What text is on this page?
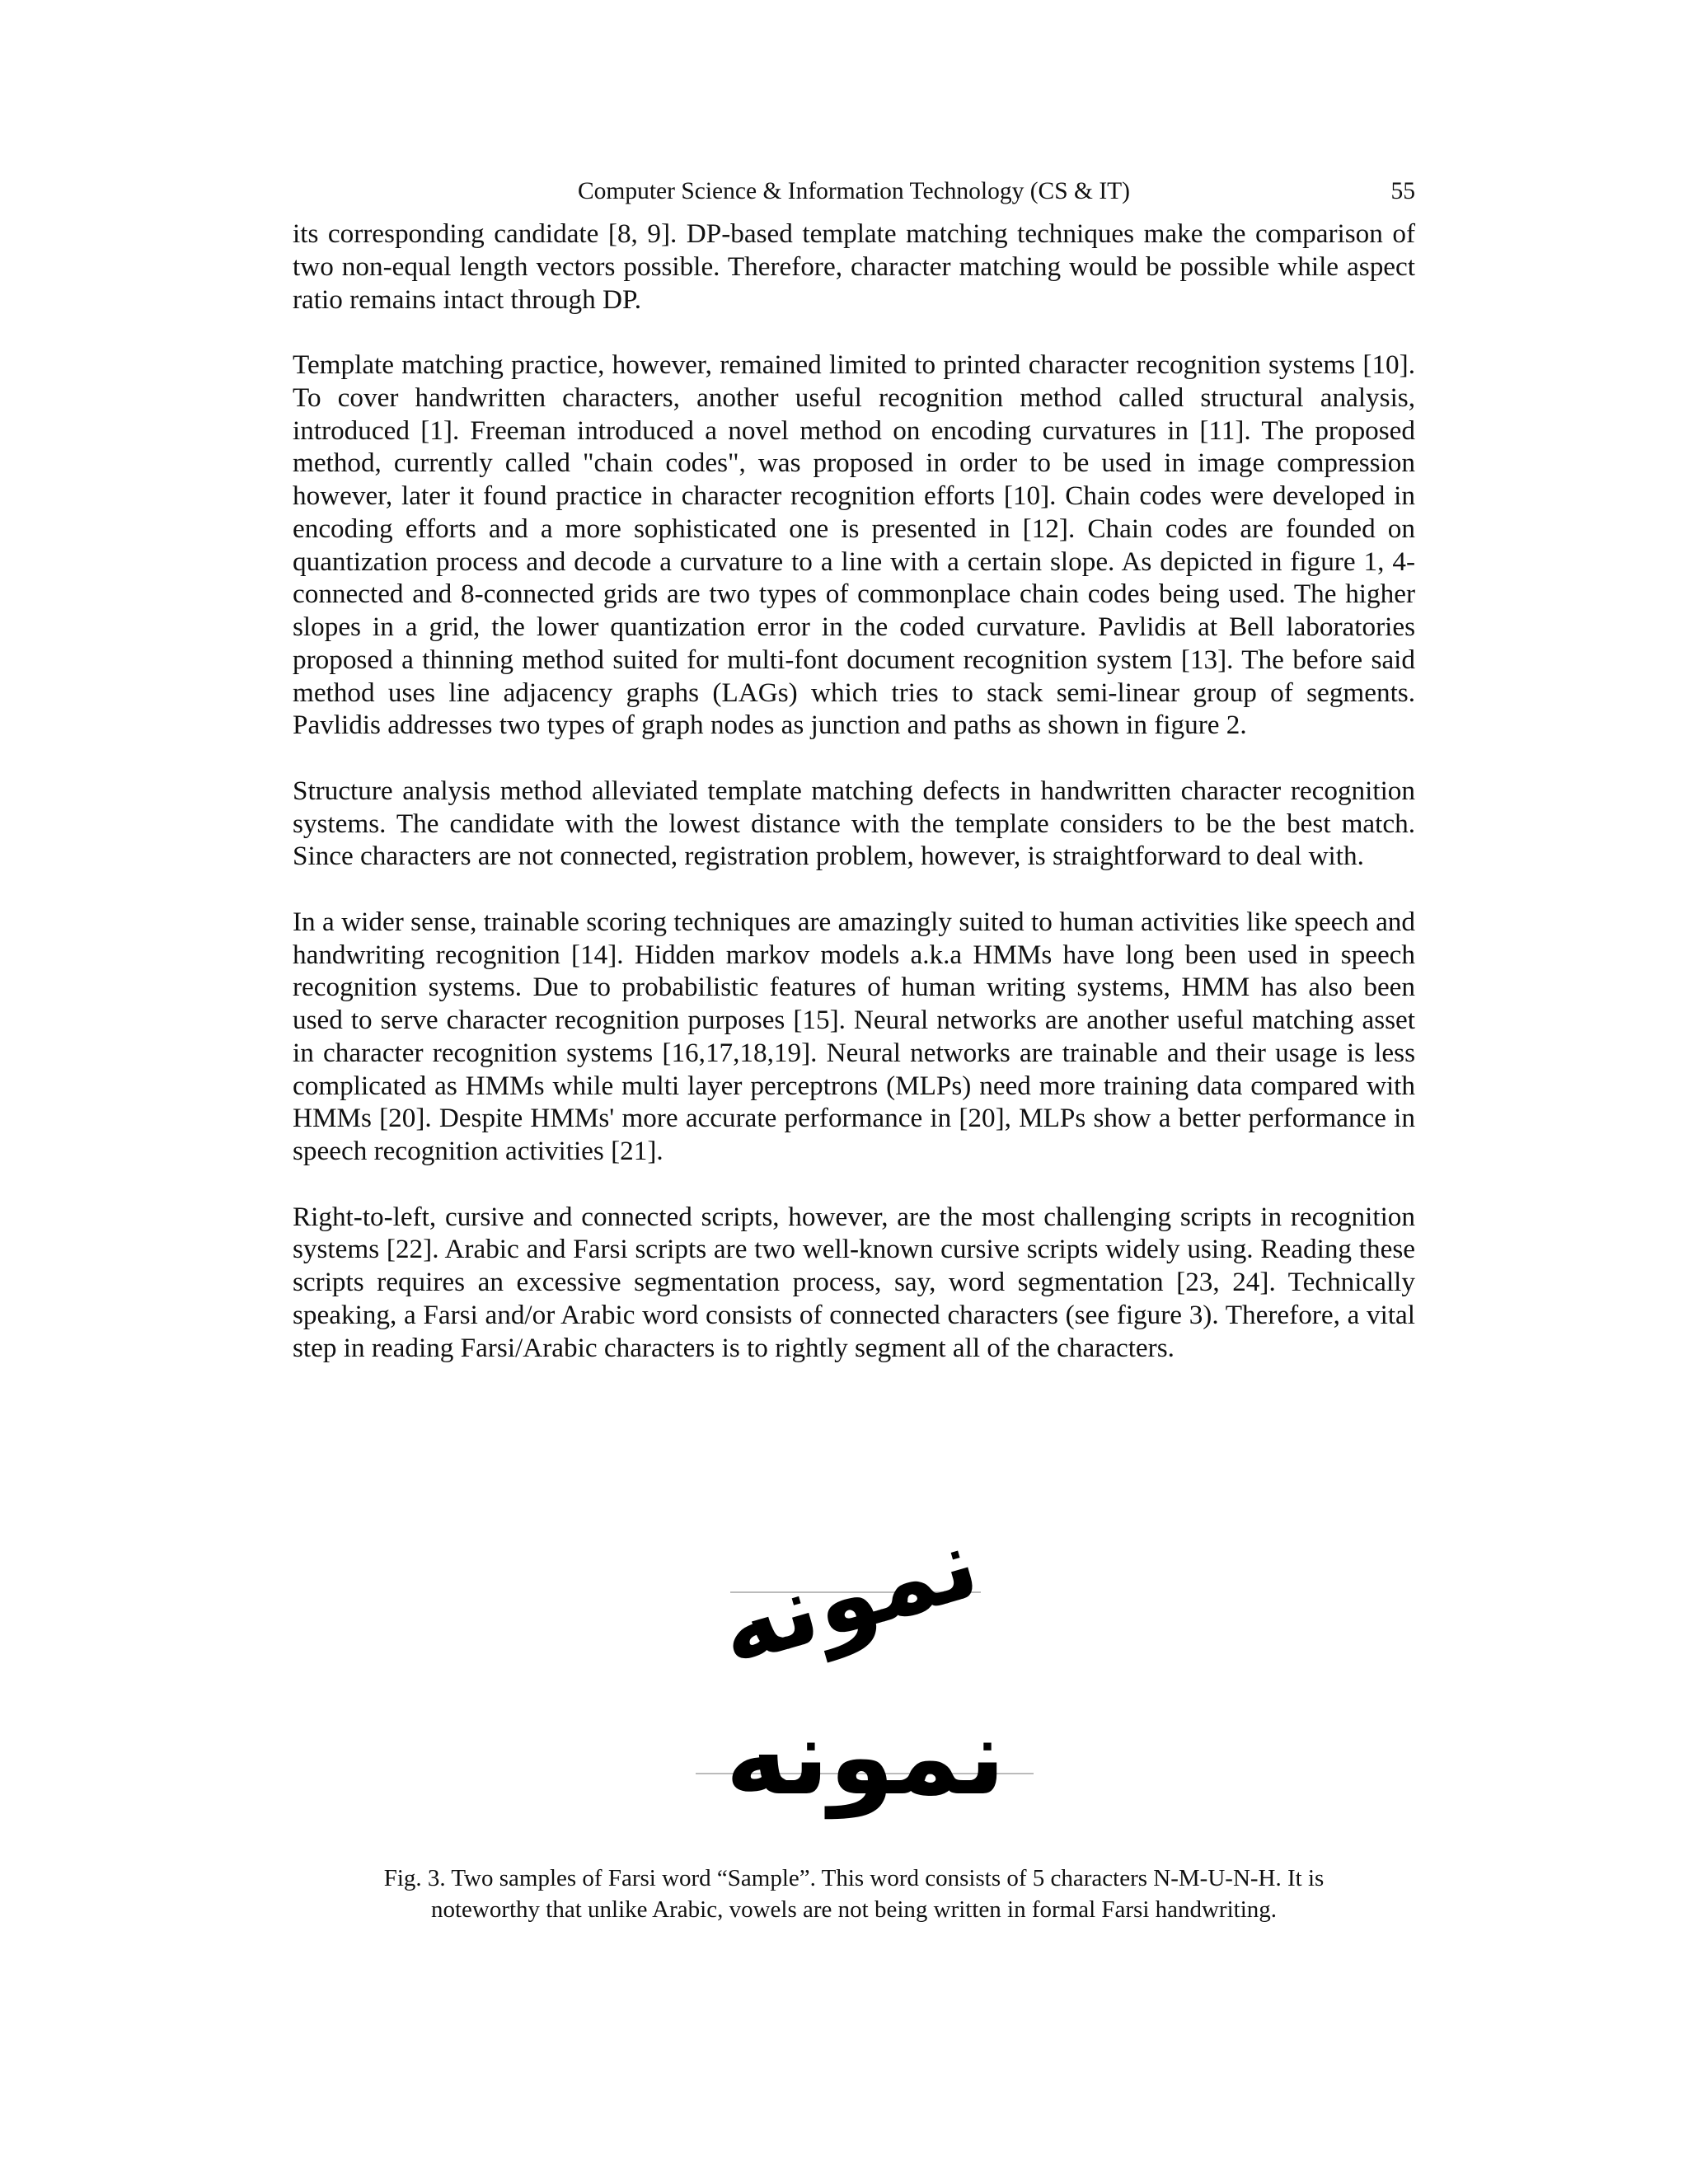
Computer Science & Information Technology (CS & IT)	55

its corresponding candidate [8, 9]. DP-based template matching techniques make the comparison of two non-equal length vectors possible. Therefore, character matching would be possible while aspect ratio remains intact through DP.

Template matching practice, however, remained limited to printed character recognition systems [10]. To cover handwritten characters, another useful recognition method called structural analysis, introduced [1]. Freeman introduced a novel method on encoding curvatures in [11]. The proposed method, currently called "chain codes", was proposed in order to be used in image compression however, later it found practice in character recognition efforts [10]. Chain codes were developed in encoding efforts and a more sophisticated one is presented in [12]. Chain codes are founded on quantization process and decode a curvature to a line with a certain slope. As depicted in figure 1, 4-connected and 8-connected grids are two types of commonplace chain codes being used. The higher slopes in a grid, the lower quantization error in the coded curvature. Pavlidis at Bell laboratories proposed a thinning method suited for multi-font document recognition system [13]. The before said method uses line adjacency graphs (LAGs) which tries to stack semi-linear group of segments. Pavlidis addresses two types of graph nodes as junction and paths as shown in figure 2.

Structure analysis method alleviated template matching defects in handwritten character recognition systems. The candidate with the lowest distance with the template considers to be the best match. Since characters are not connected, registration problem, however, is straightforward to deal with.

In a wider sense, trainable scoring techniques are amazingly suited to human activities like speech and handwriting recognition [14]. Hidden markov models a.k.a HMMs have long been used in speech recognition systems. Due to probabilistic features of human writing systems, HMM has also been used to serve character recognition purposes [15]. Neural networks are another useful matching asset in character recognition systems [16,17,18,19]. Neural networks are trainable and their usage is less complicated as HMMs while multi layer perceptrons (MLPs) need more training data compared with HMMs [20]. Despite HMMs' more accurate performance in [20], MLPs show a better performance in speech recognition activities [21].

Right-to-left, cursive and connected scripts, however, are the most challenging scripts in recognition systems [22]. Arabic and Farsi scripts are two well-known cursive scripts widely using. Reading these scripts requires an excessive segmentation process, say, word segmentation [23, 24]. Technically speaking, a Farsi and/or Arabic word consists of connected characters (see figure 3). Therefore, a vital step in reading Farsi/Arabic characters is to rightly segment all of the characters.

نمونه
نمونه
Fig. 3. Two samples of Farsi word “Sample”. This word consists of 5 characters N-M-U-N-H. It is
noteworthy that unlike Arabic, vowels are not being written in formal Farsi handwriting.
